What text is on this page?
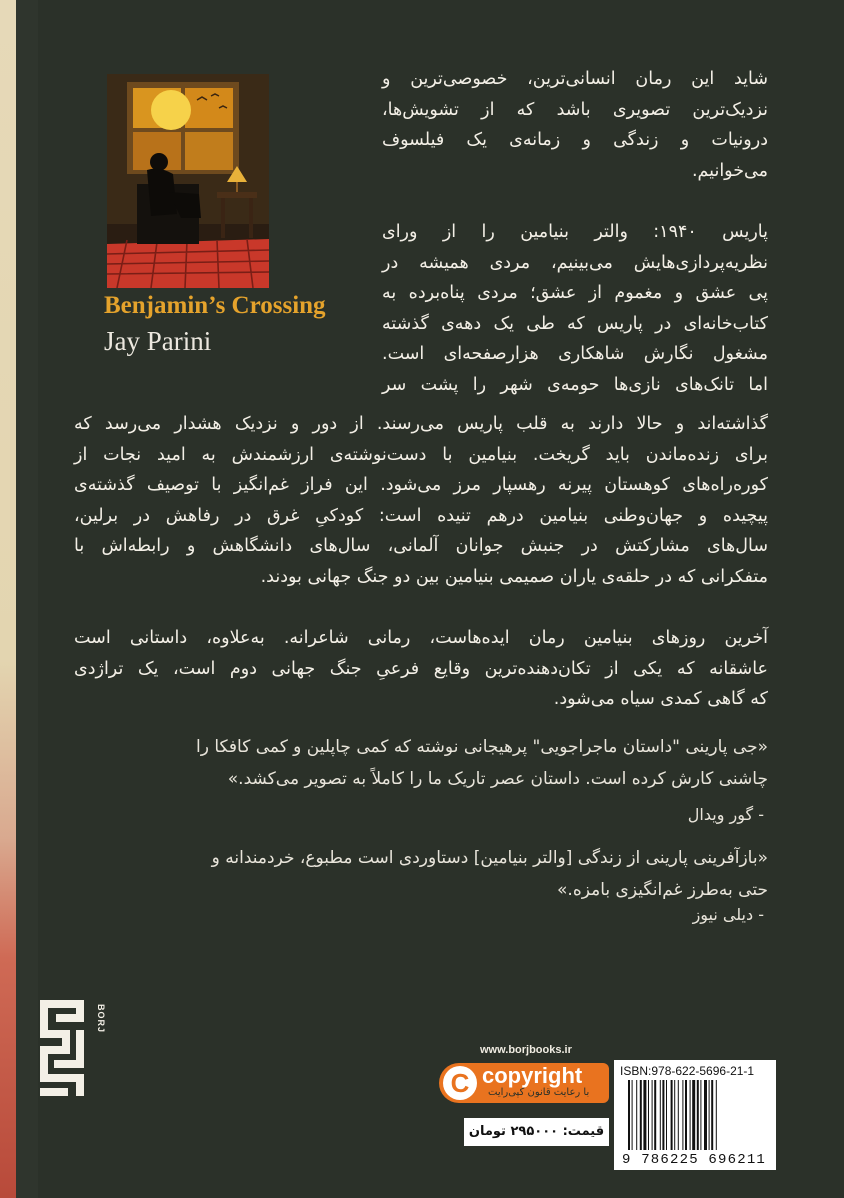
Benjamin’s Crossing
Jay Parini
شاید این رمان انسانی‌ترین، خصوصی‌ترین و
نزدیک‌ترین تصویری باشد که از تشویش‌ها،
درونیات و زندگی و زمانه‌ی یک فیلسوف
می‌خوانیم.
پاریس ۱۹۴۰: والتر بنیامین را از ورای
نظریه‌پردازی‌هایش می‌بینیم، مردی همیشه در
پی عشق و مغموم از عشق؛ مردی پناه‌برده به
کتاب‌خانه‌ای در پاریس که طی یک دهه‌ی گذشته
مشغول نگارش شاهکاری هزارصفحه‌ای است.
اما تانک‌های نازی‌ها حومه‌ی شهر را پشت سر
گذاشته‌اند و حالا دارند به قلب پاریس می‌رسند. از دور و نزدیک هشدار می‌رسد که
برای زنده‌ماندن باید گریخت. بنیامین با دست‌نوشته‌ی ارزشمندش به امید نجات از
کوره‌راه‌های کوهستان پیرنه رهسپار مرز می‌شود. این فراز غم‌انگیز با توصیف گذشته‌ی
پیچیده و جهان‌وطنی بنیامین درهم تنیده است: کودکیِ غرق در رفاهش در برلین،
سال‌های مشارکتش در جنبش جوانان آلمانی، سال‌های دانشگاهش و رابطه‌اش با
متفکرانی که در حلقه‌ی یاران صمیمی بنیامین بین دو جنگ جهانی بودند.
آخرین روزهای بنیامین رمان ایده‌هاست، رمانی شاعرانه. به‌علاوه، داستانی است
عاشقانه که یکی از تکان‌دهنده‌ترین وقایع فرعیِ جنگ جهانی دوم است، یک تراژدی
که گاهی کمدی سیاه می‌شود.
«جی پارینی "داستان ماجراجویی" پرهیجانی نوشته که کمی چاپلین و کمی کافکا را
چاشنی کارش کرده است. داستان عصر تاریک ما را کاملاً به تصویر می‌کشد.»
- گور ویدال
«بازآفرینی پارینی از زندگی [والتر بنیامین] دستاوردی است مطبوع، خردمندانه و
حتی به‌طرز غم‌انگیزی بامزه.»
- دیلی نیوز
BORJ
www.borjbooks.ir
C copyright
با رعایت قانون کپی‌رایت
قیمت: ۲۹۵۰۰۰ تومان
ISBN:978-622-5696-21-1
9 786225 696211
